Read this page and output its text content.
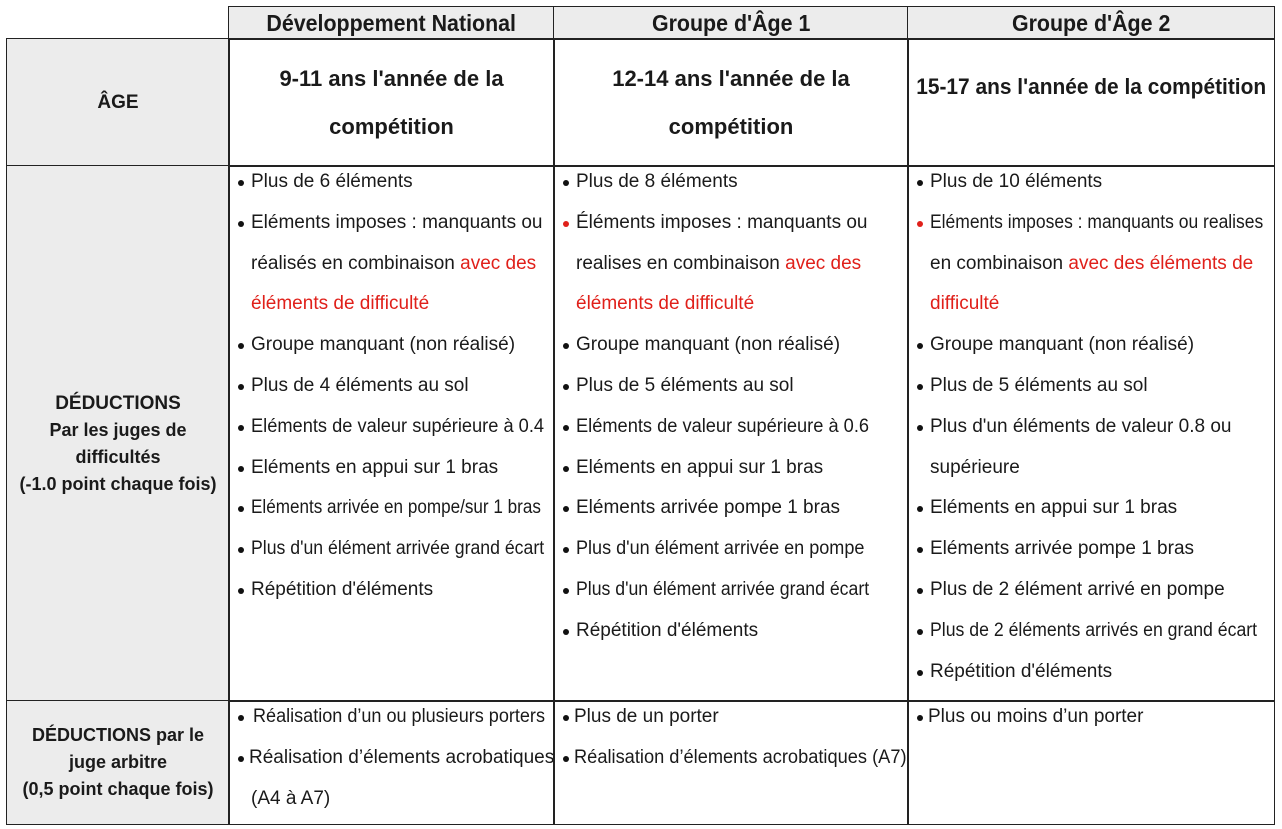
Développement National	Groupe d'Âge 1	Groupe d'Âge 2
ÂGE
9-11 ans l'année de la compétition
12-14 ans l'année de la compétition
15-17 ans l'année de la compétition
DÉDUCTIONS
Par les juges de
difficultés
(-1.0 point chaque fois)
Plus de 6 éléments
Eléments imposes : manquants ou
réalisés en combinaison avec des
éléments de difficulté
Groupe manquant (non réalisé)
Plus de 4 éléments au sol
Eléments de valeur supérieure à 0.4
Eléments en appui sur 1 bras
Eléments arrivée en pompe/sur 1 bras
Plus d'un élément arrivée grand écart
Répétition d'éléments
Plus de 8 éléments
Éléments imposes : manquants ou
realises en combinaison avec des
éléments de difficulté
Groupe manquant (non réalisé)
Plus de 5 éléments au sol
Eléments de valeur supérieure à 0.6
Eléments en appui sur 1 bras
Eléments arrivée pompe 1 bras
Plus d'un élément arrivée en pompe
Plus d'un élément arrivée grand écart
Répétition d'éléments
Plus de 10 éléments
Eléments imposes : manquants ou realises
en combinaison avec des éléments de
difficulté
Groupe manquant (non réalisé)
Plus de 5 éléments au sol
Plus d'un éléments de valeur 0.8 ou
supérieure
Eléments en appui sur 1 bras
Eléments arrivée pompe 1 bras
Plus de 2 élément arrivé en pompe
Plus de 2 éléments arrivés en grand écart
Répétition d'éléments
DÉDUCTIONS par le
juge arbitre
(0,5 point chaque fois)
Réalisation d’un ou plusieurs porters
Réalisation d’élements acrobatiques
(A4 à A7)
Plus de un porter
Réalisation d’élements acrobatiques (A7)
Plus ou moins d’un porter
